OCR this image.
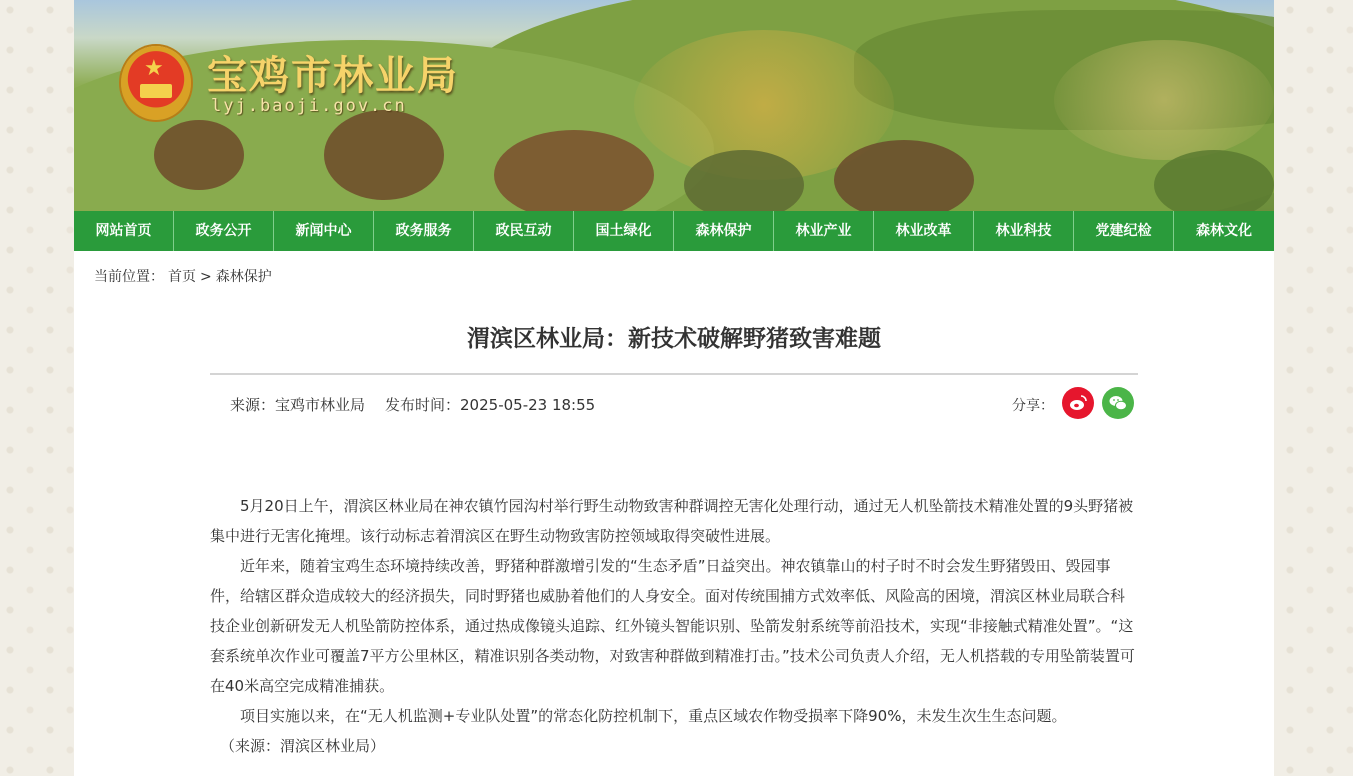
★ 宝鸡市林业局
lyj.baoji.gov.cn
网站首页	政务公开	新闻中心	政务服务	政民互动	国土绿化	森林保护	林业产业	林业改革	林业科技	党建纪检	森林文化
当前位置： 首页 > 森林保护
渭滨区林业局：新技术破解野猪致害难题
来源：宝鸡市林业局 发布时间：2025-05-23 18:55	分享：

5月20日上午，渭滨区林业局在神农镇竹园沟村举行野生动物致害种群调控无害化处理行动，通过无人机坠箭技术精准处置的9头野猪被集中进行无害化掩埋。该行动标志着渭滨区在野生动物致害防控领域取得突破性进展。

近年来，随着宝鸡生态环境持续改善，野猪种群激增引发的“生态矛盾”日益突出。神农镇靠山的村子时不时会发生野猪毁田、毁园事件，给辖区群众造成较大的经济损失，同时野猪也威胁着他们的人身安全。面对传统围捕方式效率低、风险高的困境，渭滨区林业局联合科技企业创新研发无人机坠箭防控体系，通过热成像镜头追踪、红外镜头智能识别、坠箭发射系统等前沿技术，实现“非接触式精准处置”。“这套系统单次作业可覆盖7平方公里林区，精准识别各类动物，对致害种群做到精准打击。”技术公司负责人介绍，无人机搭载的专用坠箭装置可在40米高空完成精准捕获。

项目实施以来，在“无人机监测+专业队处置”的常态化防控机制下，重点区域农作物受损率下降90%，未发生次生生态问题。

（来源：渭滨区林业局）
